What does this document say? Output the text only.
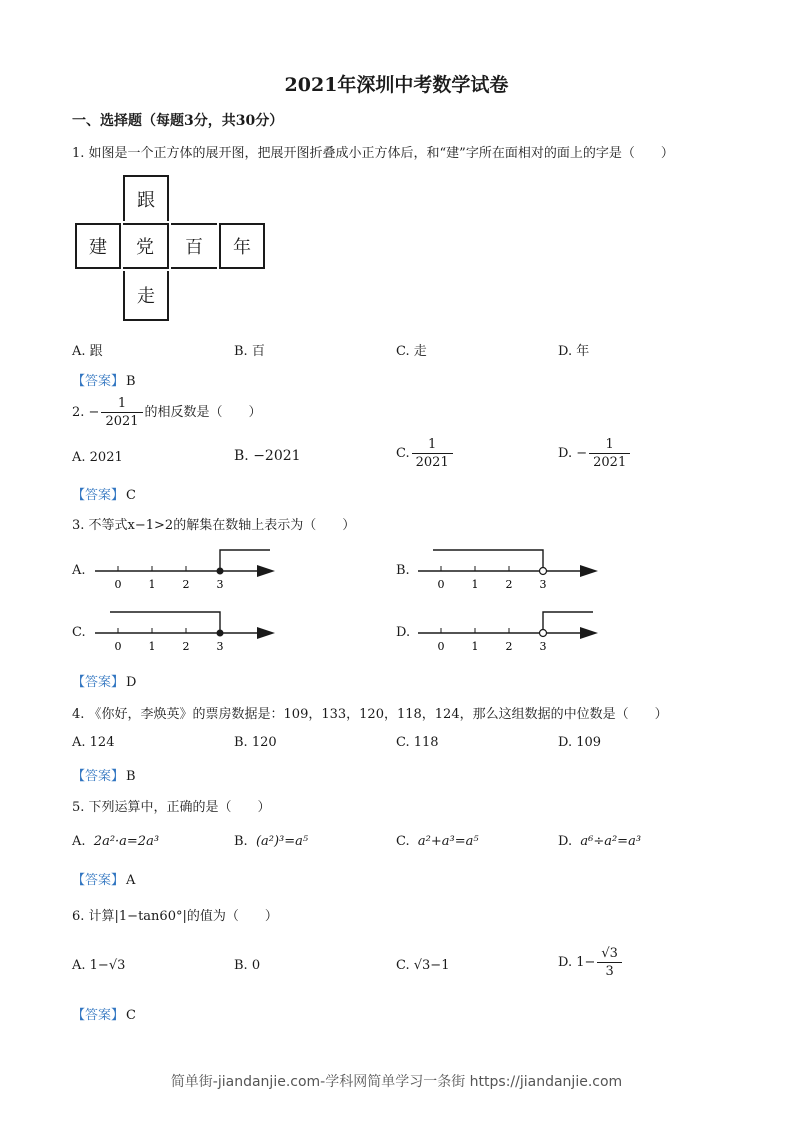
2021年深圳中考数学试卷
一、选择题（每题3分，共30分）
1. 如图是一个正方体的展开图，把展开图折叠成小正方体后，和“建”字所在面相对的面上的字是（　　）
跟
建	党	百	年
走
A. 跟	B. 百	C. 走	D. 年
【答案】 B
2. − $\frac{1}{2021}$ 的相反数是（　　）
A. 2021	B. −2021	C. $\frac{1}{2021}$	D. − $\frac{1}{2021}$
【答案】 C
3. 不等式x−1>2的解集在数轴上表示为（　　）
A.
0 1 2 3
B.
0 1 2 3
C.
0 1 2 3
D.
0 1 2 3
【答案】 D
4. 《你好，李焕英》的票房数据是：109，133，120，118，124，那么这组数据的中位数是（　　）
A. 124	B. 120	C. 118	D. 109
【答案】 B
5. 下列运算中，正确的是（　　）
A. 2a²·a=2a³	B. (a²)³=a⁵	C. a²+a³=a⁵	D. a⁶÷a²=a³
【答案】 A
6. 计算|1−tan60°|的值为（　　）
A. 1−√3	B. 0	C. √3−1	D. $1- \frac{√3}{3}$
【答案】 C
简单街-jiandanjie.com-学科网简单学习一条街 https://jiandanjie.com
